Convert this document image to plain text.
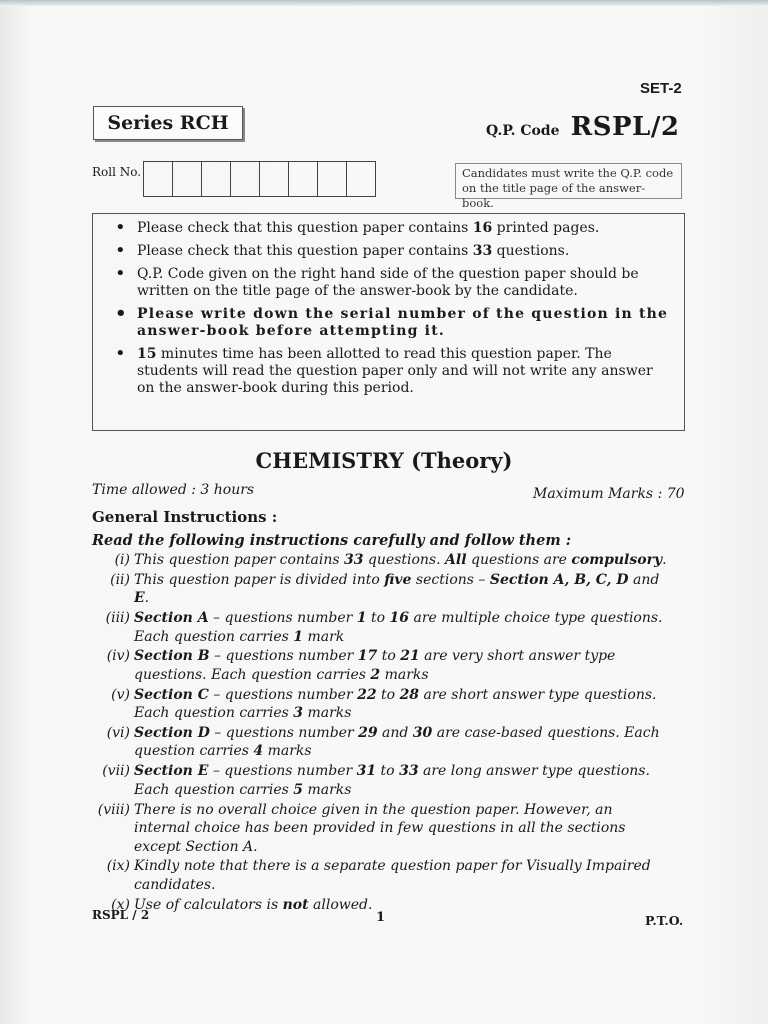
SET-2
Series RCH	Q.P. Code RSPL/2
Roll No.	Candidates must write the Q.P. code on the title page of the answer-book.
• Please check that this question paper contains 16 printed pages.
• Please check that this question paper contains 33 questions.
• Q.P. Code given on the right hand side of the question paper should be written on the title page of the answer-book by the candidate.
• Please write down the serial number of the question in the answer-book before attempting it.
• 15 minutes time has been allotted to read this question paper. The students will read the question paper only and will not write any answer on the answer-book during this period.
CHEMISTRY (Theory)
Time allowed : 3 hours	Maximum Marks : 70
General Instructions :
Read the following instructions carefully and follow them :
(i) This question paper contains 33 questions. All questions are compulsory.
(ii) This question paper is divided into five sections – Section A, B, C, D and E.
(iii) Section A – questions number 1 to 16 are multiple choice type questions. Each question carries 1 mark
(iv) Section B – questions number 17 to 21 are very short answer type questions. Each question carries 2 marks
(v) Section C – questions number 22 to 28 are short answer type questions. Each question carries 3 marks
(vi) Section D – questions number 29 and 30 are case-based questions. Each question carries 4 marks
(vii) Section E – questions number 31 to 33 are long answer type questions. Each question carries 5 marks
(viii) There is no overall choice given in the question paper. However, an internal choice has been provided in few questions in all the sections except Section A.
(ix) Kindly note that there is a separate question paper for Visually Impaired candidates.
(x) Use of calculators is not allowed.
RSPL / 2	1	P.T.O.
